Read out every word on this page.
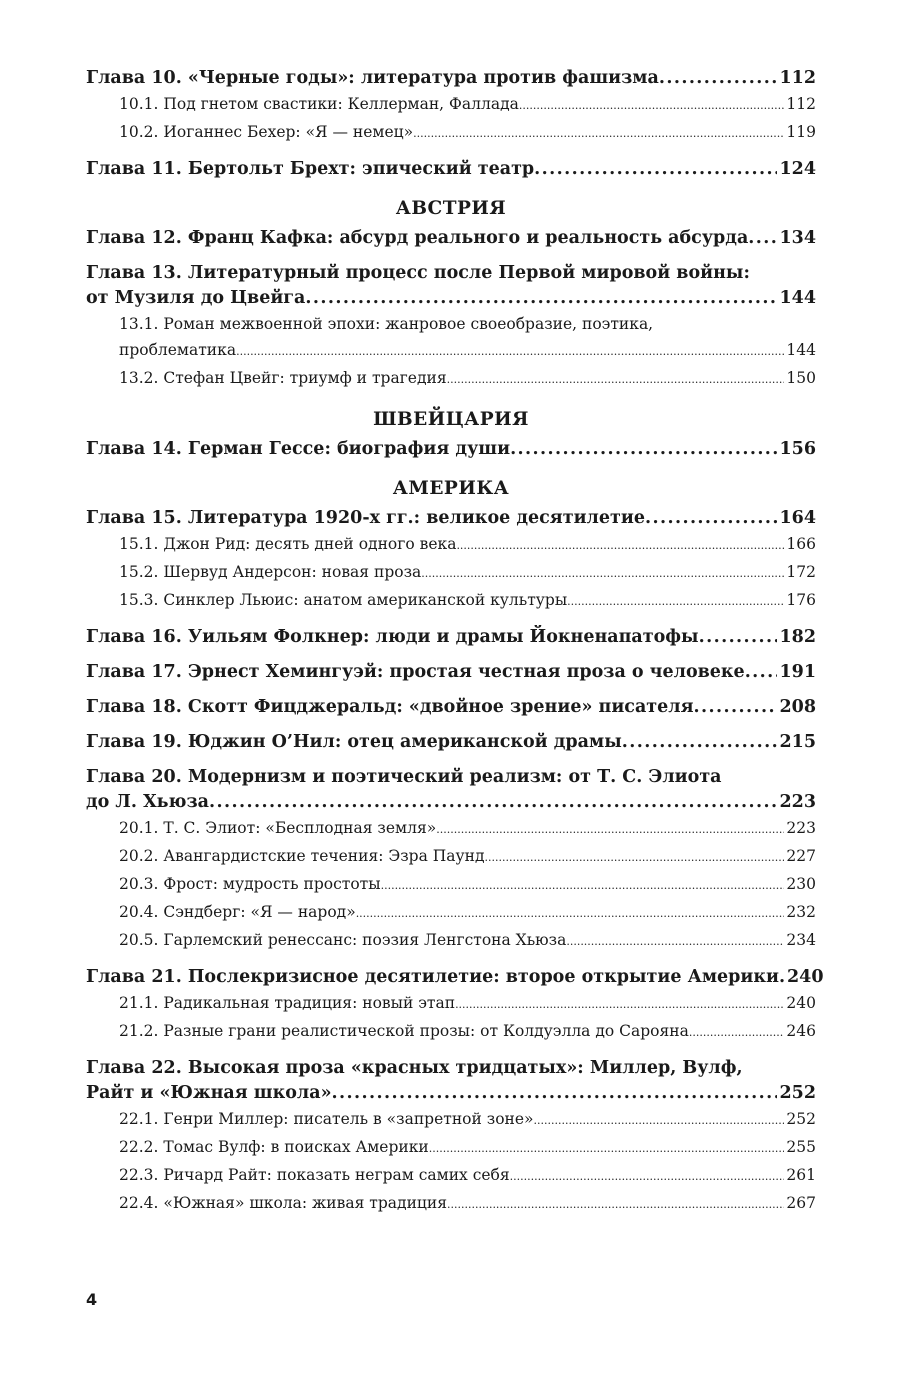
Глава 10. «Черные годы»: литература против фашизма .....	112
10.1. Под гнетом свастики: Келлерман, Фаллада .....	112
10.2. Иоганнес Бехер: «Я — немец» .....	119
Глава 11. Бертольт Брехт: эпический театр .....	124
АВСТРИЯ
Глава 12. Франц Кафка: абсурд реального и реальность абсурда ..... 134
Глава 13. Литературный процесс после Первой мировой войны:
от Музиля до Цвейга .....	144
13.1. Роман межвоенной эпохи: жанровое своеобразие, поэтика,
проблематика .....	144
13.2. Стефан Цвейг: триумф и трагедия .....	150
ШВЕЙЦАРИЯ
Глава 14. Герман Гессе: биография души .....	156
АМЕРИКА
Глава 15. Литература 1920-х гг.: великое десятилетие .....	164
15.1. Джон Рид: десять дней одного века .....	166
15.2. Шервуд Андерсон: новая проза .....	172
15.3. Синклер Льюис: анатом американской культуры .....	176
Глава 16. Уильям Фолкнер: люди и драмы Йокненапатофы .....	182
Глава 17. Эрнест Хемингуэй: простая честная проза о человеке ..... 191
Глава 18. Скотт Фицджеральд: «двойное зрение» писателя .....	208
Глава 19. Юджин О’Нил: отец американской драмы .....	215
Глава 20. Модернизм и поэтический реализм: от Т. С. Элиота
до Л. Хьюза .....	223
20.1. Т. С. Элиот: «Бесплодная земля» .....	223
20.2. Авангардистские течения: Эзра Паунд .....	227
20.3. Фрост: мудрость простоты .....	230
20.4. Сэндберг: «Я — народ» .....	232
20.5. Гарлемский ренессанс: поэзия Ленгстона Хьюза .....	234
Глава 21. Послекризисное десятилетие: второе открытие Америки ..... 240
21.1. Радикальная традиция: новый этап .....	240
21.2. Разные грани реалистической прозы: от Колдуэлла до Сарояна .....	246
Глава 22. Высокая проза «красных тридцатых»: Миллер, Вулф,
Райт и «Южная школа» .....	252
22.1. Генри Миллер: писатель в «запретной зоне» .....	252
22.2. Томас Вулф: в поисках Америки .....	255
22.3. Ричард Райт: показать неграм самих себя .....	261
22.4. «Южная» школа: живая традиция .....	267
4
